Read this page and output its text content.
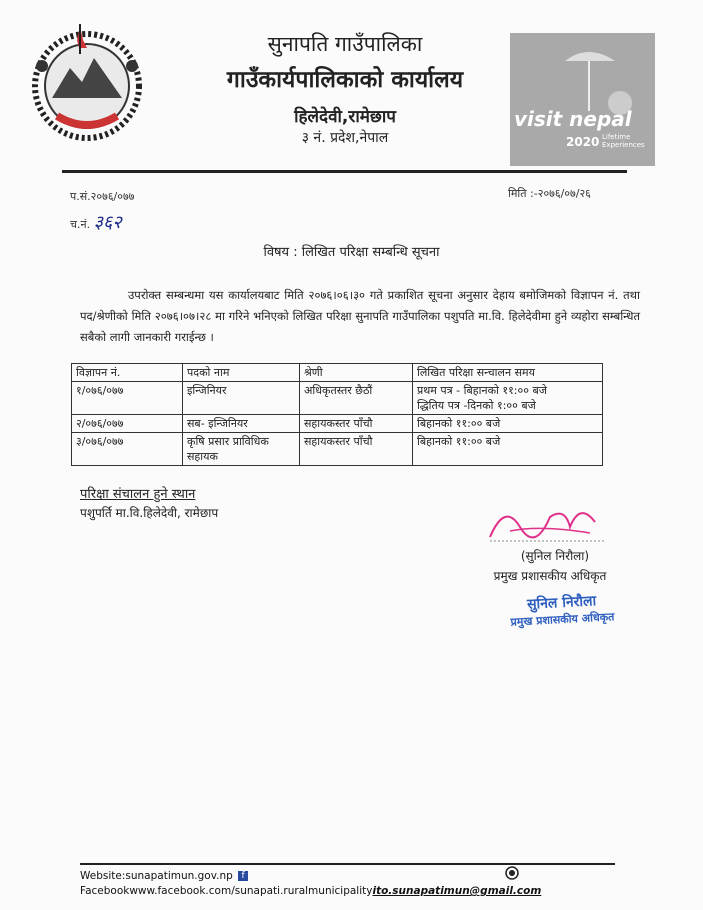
सुनापति गाउँपालिका
गाउँकार्यपालिकाको कार्यालय
हिलेदेवी,रामेछाप
३ नं. प्रदेश,नेपाल
visit nepal
2020 Lifetime Experiences
प.सं.२०७६/०७७
च.नं. ३६२
मिति :-२०७६/०७/२६
विषय : लिखित परिक्षा सम्बन्धि सूचना
उपरोक्त सम्बन्धमा यस कार्यालयबाट मिति २०७६।०६।३० गते प्रकाशित सूचना अनुसार देहाय बमोजिमको विज्ञापन नं. तथा पद/श्रेणीको मिति २०७६।०७।२८ मा गरिने भनिएको लिखित परिक्षा सुनापति गाउँपालिका पशुपति मा.वि. हिलेदेवीमा हुने व्यहोरा सम्बन्धित सबैको लागी जानकारी गराईन्छ ।
विज्ञापन नं.	पदको नाम	श्रेणी	लिखित परिक्षा सन्चालन समय
१/०७६/०७७	इन्जिनियर	अधिकृतस्तर छैठौं	प्रथम पत्र - बिहानको ११:०० बजे
द्धितिय पत्र -दिनको १:०० बजे

२/०७६/०७७	सब- इन्जिनियर	सहायकस्तर पाँचौ	बिहानको ११:०० बजे
३/०७६/०७७	कृषि प्रसार प्राविधिक सहायक	सहायकस्तर पाँचौ	बिहानको ११:०० बजे
परिक्षा संचालन हुने स्थान
पशुपर्ति मा.वि.हिलेदेवी, रामेछाप
(सुनिल निरौला)
प्रमुख प्रशासकीय अधिकृत
सुनिल निरौला
प्रमुख प्रशासकीय अधिकृत
Website:sunapatimun.gov.np f
Facebookwww.facebook.com/sunapati.ruralmunicipalityito.sunapatimun@gmail.com
